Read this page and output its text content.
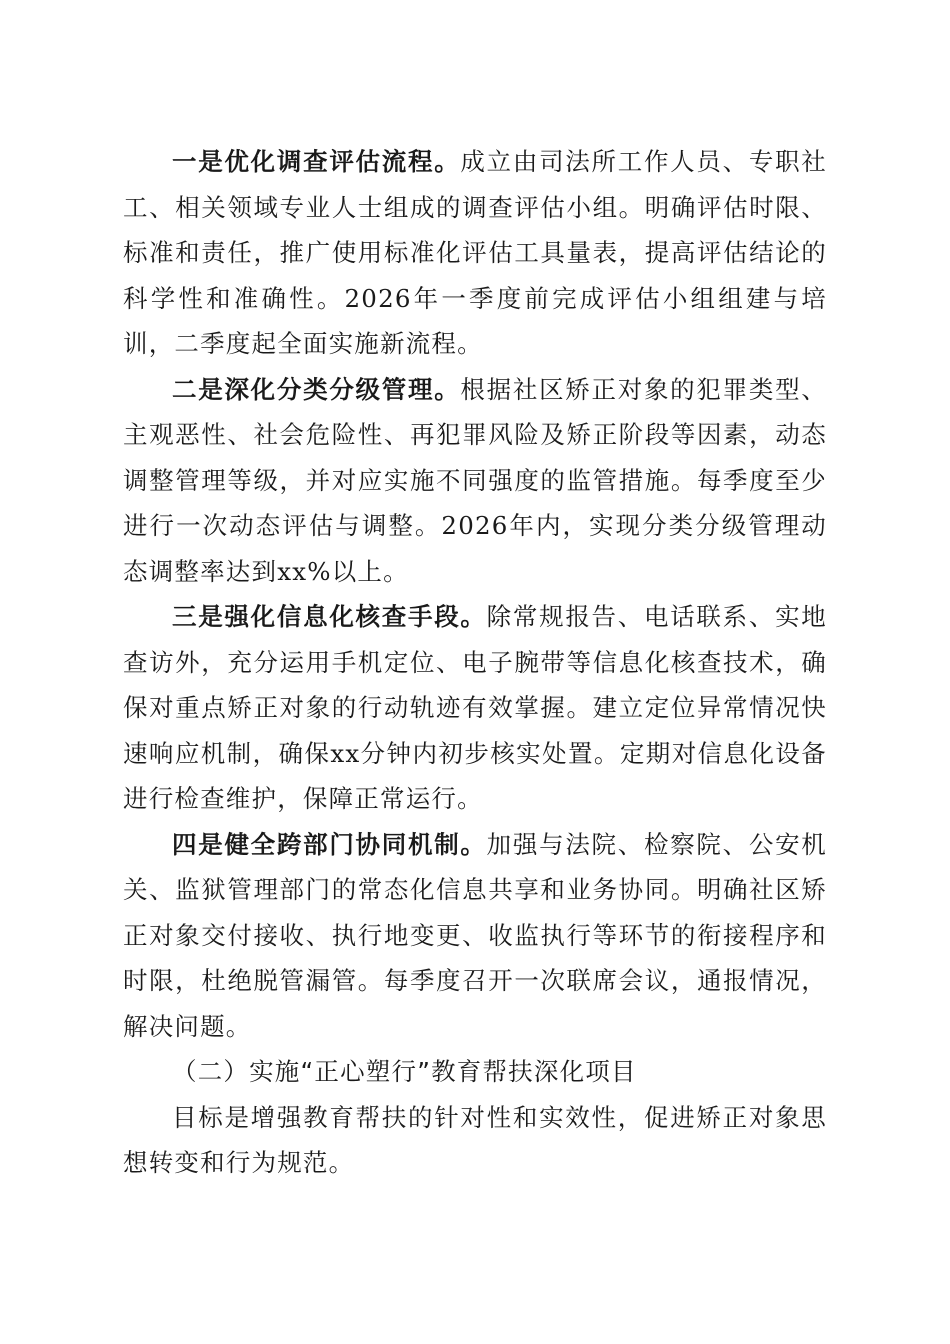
一是优化调查评估流程。成立由司法所工作人员、专职社工、相关领域专业人士组成的调查评估小组。明确评估时限、标准和责任，推广使用标准化评估工具量表，提高评估结论的科学性和准确性。2026年一季度前完成评估小组组建与培训，二季度起全面实施新流程。

二是深化分类分级管理。根据社区矫正对象的犯罪类型、主观恶性、社会危险性、再犯罪风险及矫正阶段等因素，动态调整管理等级，并对应实施不同强度的监管措施。每季度至少进行一次动态评估与调整。2026年内，实现分类分级管理动态调整率达到xx%以上。

三是强化信息化核查手段。除常规报告、电话联系、实地查访外，充分运用手机定位、电子腕带等信息化核查技术，确保对重点矫正对象的行动轨迹有效掌握。建立定位异常情况快速响应机制，确保xx分钟内初步核实处置。定期对信息化设备进行检查维护，保障正常运行。

四是健全跨部门协同机制。加强与法院、检察院、公安机关、监狱管理部门的常态化信息共享和业务协同。明确社区矫正对象交付接收、执行地变更、收监执行等环节的衔接程序和时限，杜绝脱管漏管。每季度召开一次联席会议，通报情况，解决问题。

（二）实施“正心塑行”教育帮扶深化项目

目标是增强教育帮扶的针对性和实效性，促进矫正对象思想转变和行为规范。
